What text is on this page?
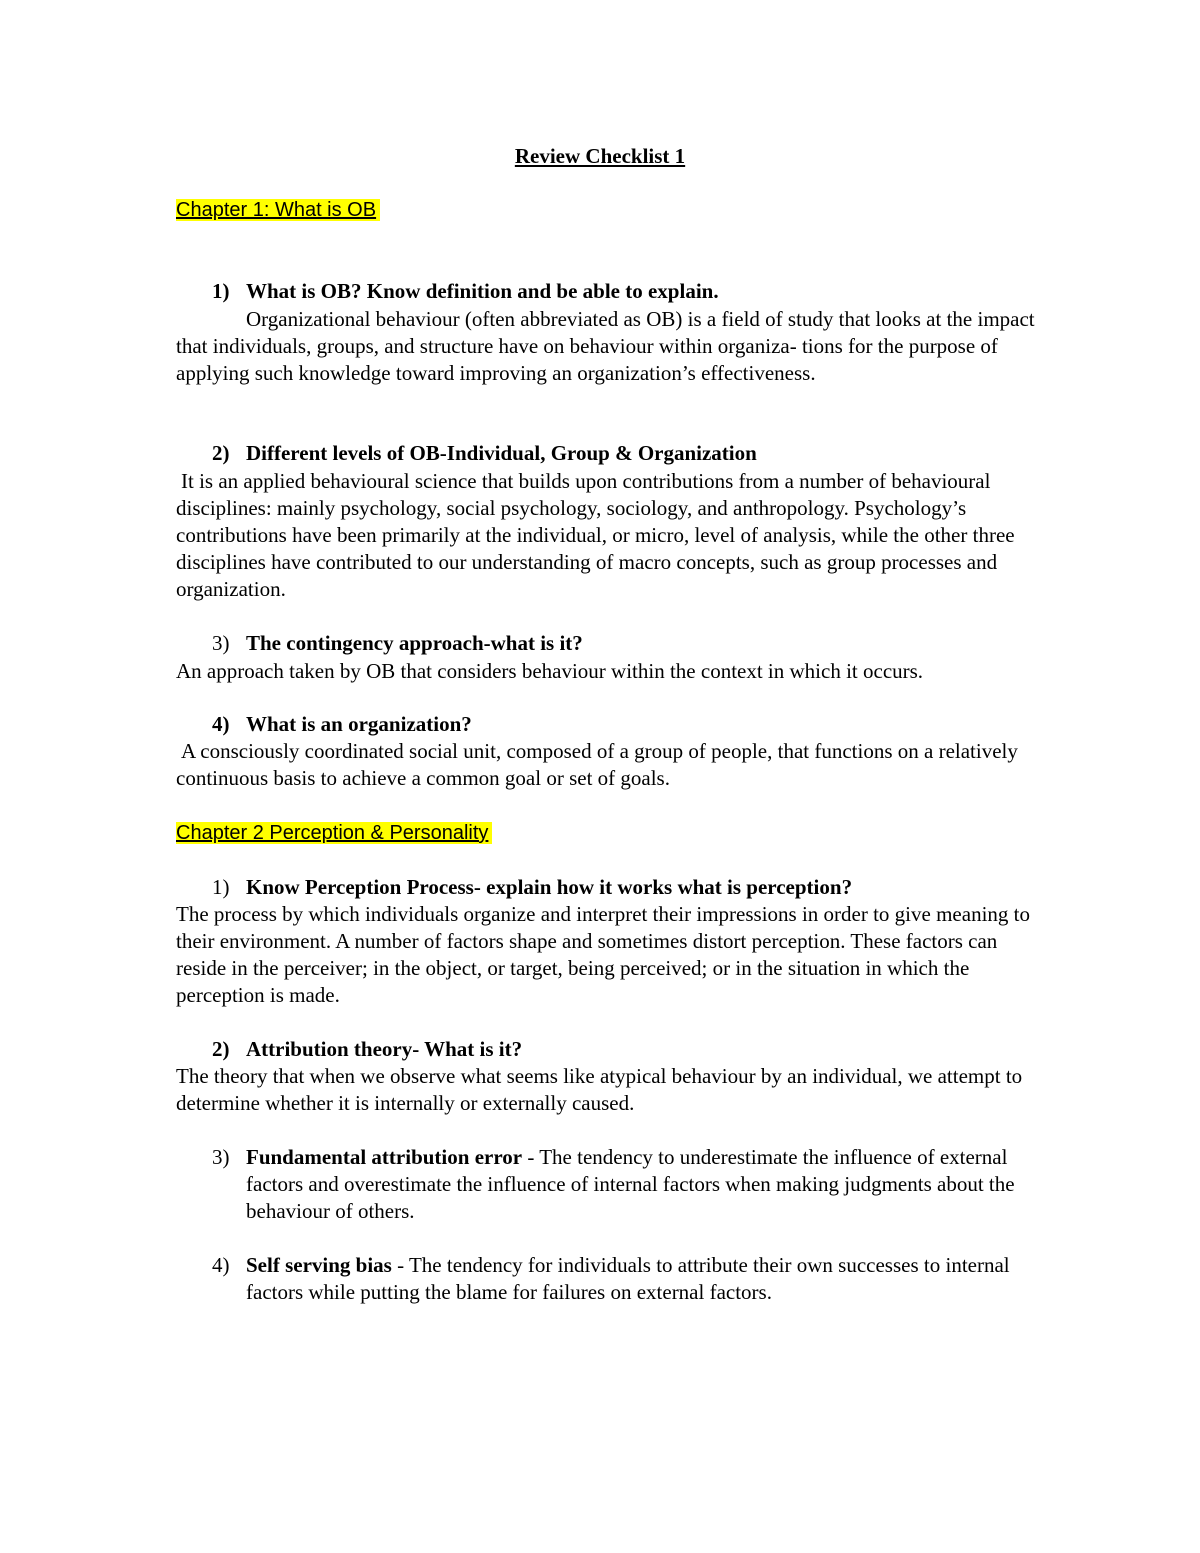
Review Checklist 1
Chapter 1: What is OB
1) What is OB? Know definition and be able to explain.
Organizational behaviour (often abbreviated as OB) is a field of study that looks at the impact that individuals, groups, and structure have on behaviour within organiza- tions for the purpose of applying such knowledge toward improving an organization’s effectiveness.
2) Different levels of OB-Individual, Group & Organization
It is an applied behavioural science that builds upon contributions from a number of behavioural disciplines: mainly psychology, social psychology, sociology, and anthropology. Psychology’s contributions have been primarily at the individual, or micro, level of analysis, while the other three disciplines have contributed to our understanding of macro concepts, such as group processes and organization.
3) The contingency approach-what is it?
An approach taken by OB that considers behaviour within the context in which it occurs.
4) What is an organization?
A consciously coordinated social unit, composed of a group of people, that functions on a relatively continuous basis to achieve a common goal or set of goals.
Chapter 2 Perception & Personality
1) Know Perception Process- explain how it works what is perception?
The process by which individuals organize and interpret their impressions in order to give meaning to their environment. A number of factors shape and sometimes distort perception. These factors can reside in the perceiver; in the object, or target, being perceived; or in the situation in which the perception is made.
2) Attribution theory- What is it?
The theory that when we observe what seems like atypical behaviour by an individual, we attempt to determine whether it is internally or externally caused.
3) Fundamental attribution error - The tendency to underestimate the influence of external factors and overestimate the influence of internal factors when making judgments about the behaviour of others.
4) Self serving bias - The tendency for individuals to attribute their own successes to internal factors while putting the blame for failures on external factors.
